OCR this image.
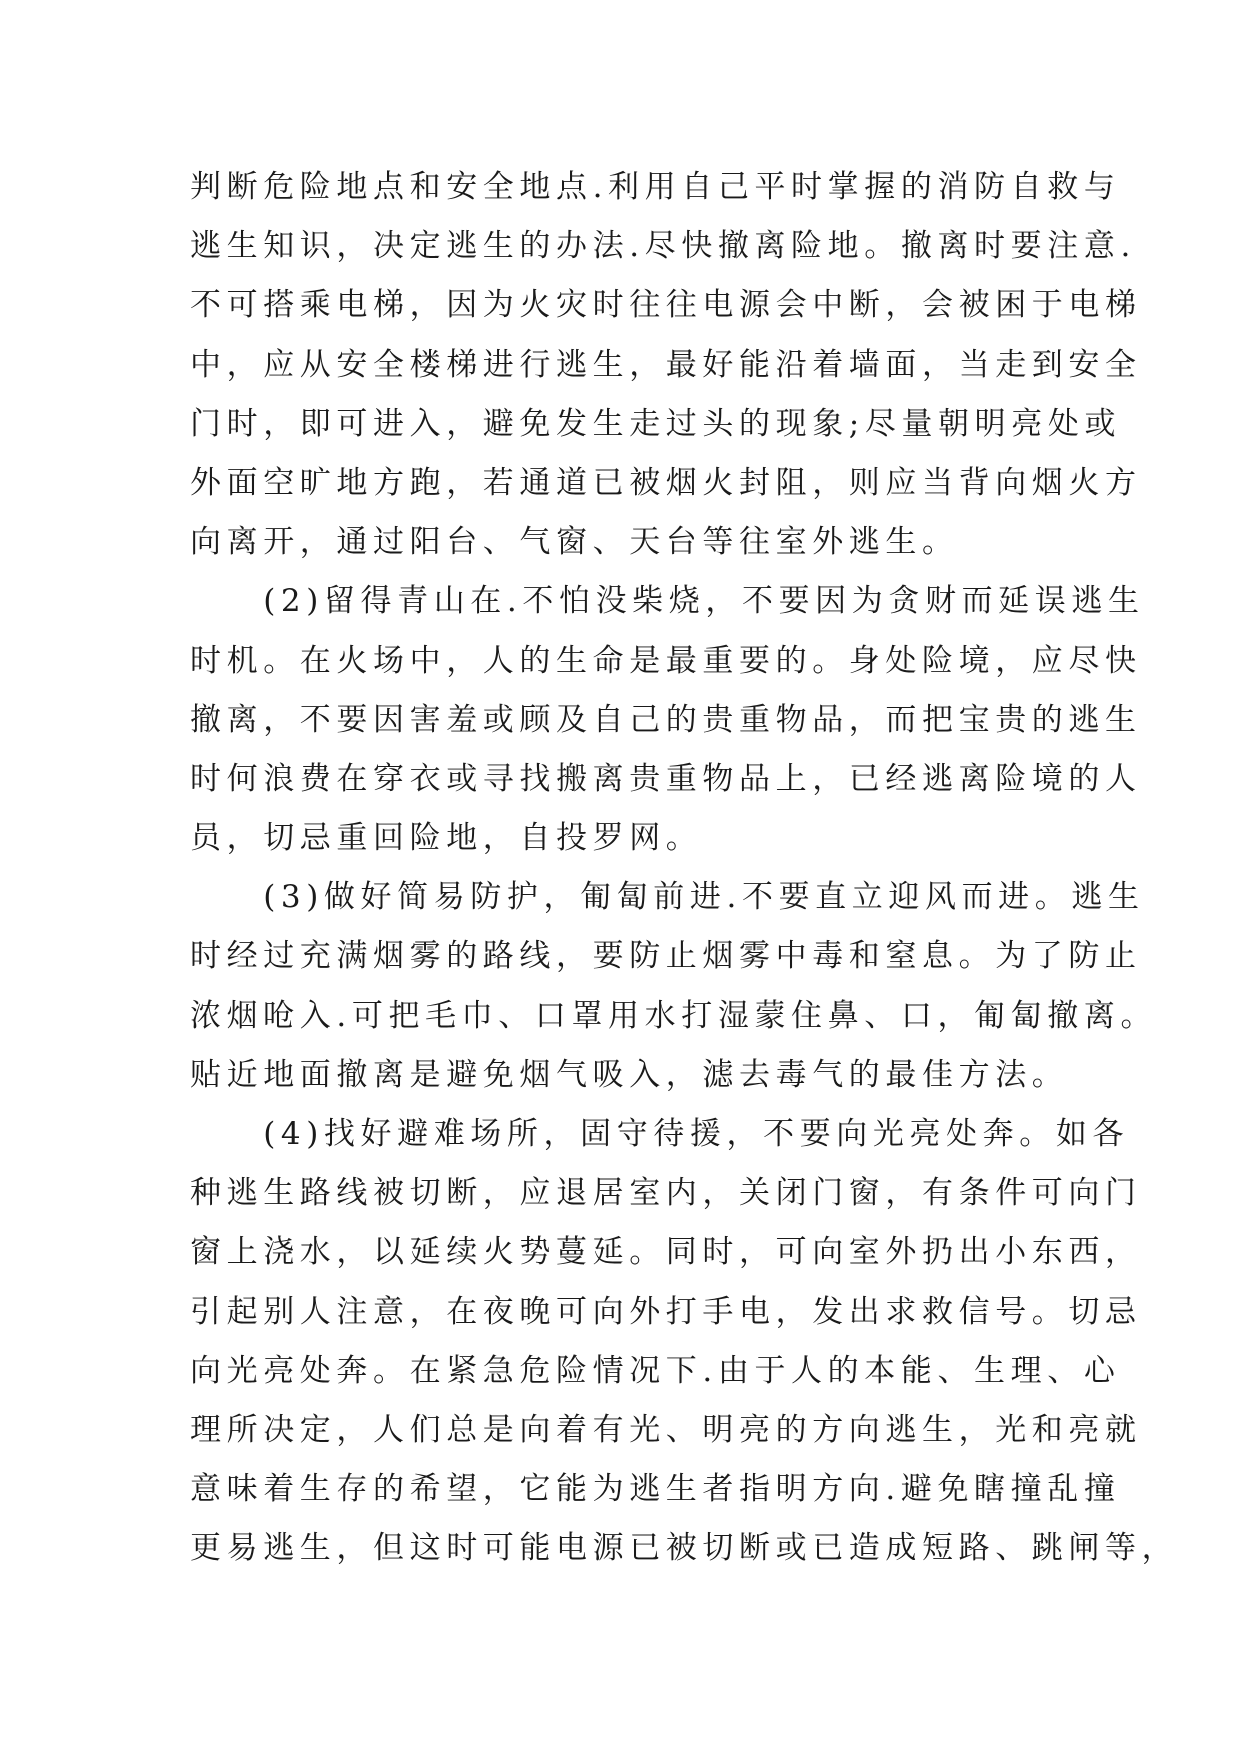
判断危险地点和安全地点.利用自己平时掌握的消防自救与
逃生知识，决定逃生的办法.尽快撤离险地。撤离时要注意.
不可搭乘电梯，因为火灾时往往电源会中断，会被困于电梯
中，应从安全楼梯进行逃生，最好能沿着墙面，当走到安全
门时，即可进入，避免发生走过头的现象;尽量朝明亮处或
外面空旷地方跑，若通道已被烟火封阻，则应当背向烟火方
向离开，通过阳台、气窗、天台等往室外逃生。
　　(2)留得青山在.不怕没柴烧，不要因为贪财而延误逃生
时机。在火场中，人的生命是最重要的。身处险境，应尽快
撤离，不要因害羞或顾及自己的贵重物品，而把宝贵的逃生
时何浪费在穿衣或寻找搬离贵重物品上，已经逃离险境的人
员，切忌重回险地，自投罗网。
　　(3)做好简易防护，匍匐前进.不要直立迎风而进。逃生
时经过充满烟雾的路线，要防止烟雾中毒和窒息。为了防止
浓烟呛入.可把毛巾、口罩用水打湿蒙住鼻、口，匍匐撤离。
贴近地面撤离是避免烟气吸入，滤去毒气的最佳方法。
　　(4)找好避难场所，固守待援，不要向光亮处奔。如各
种逃生路线被切断，应退居室内，关闭门窗，有条件可向门
窗上浇水，以延续火势蔓延。同时，可向室外扔出小东西，
引起别人注意，在夜晚可向外打手电，发出求救信号。切忌
向光亮处奔。在紧急危险情况下.由于人的本能、生理、心
理所决定，人们总是向着有光、明亮的方向逃生，光和亮就
意味着生存的希望，它能为逃生者指明方向.避免瞎撞乱撞
更易逃生，但这时可能电源已被切断或已造成短路、跳闸等，
